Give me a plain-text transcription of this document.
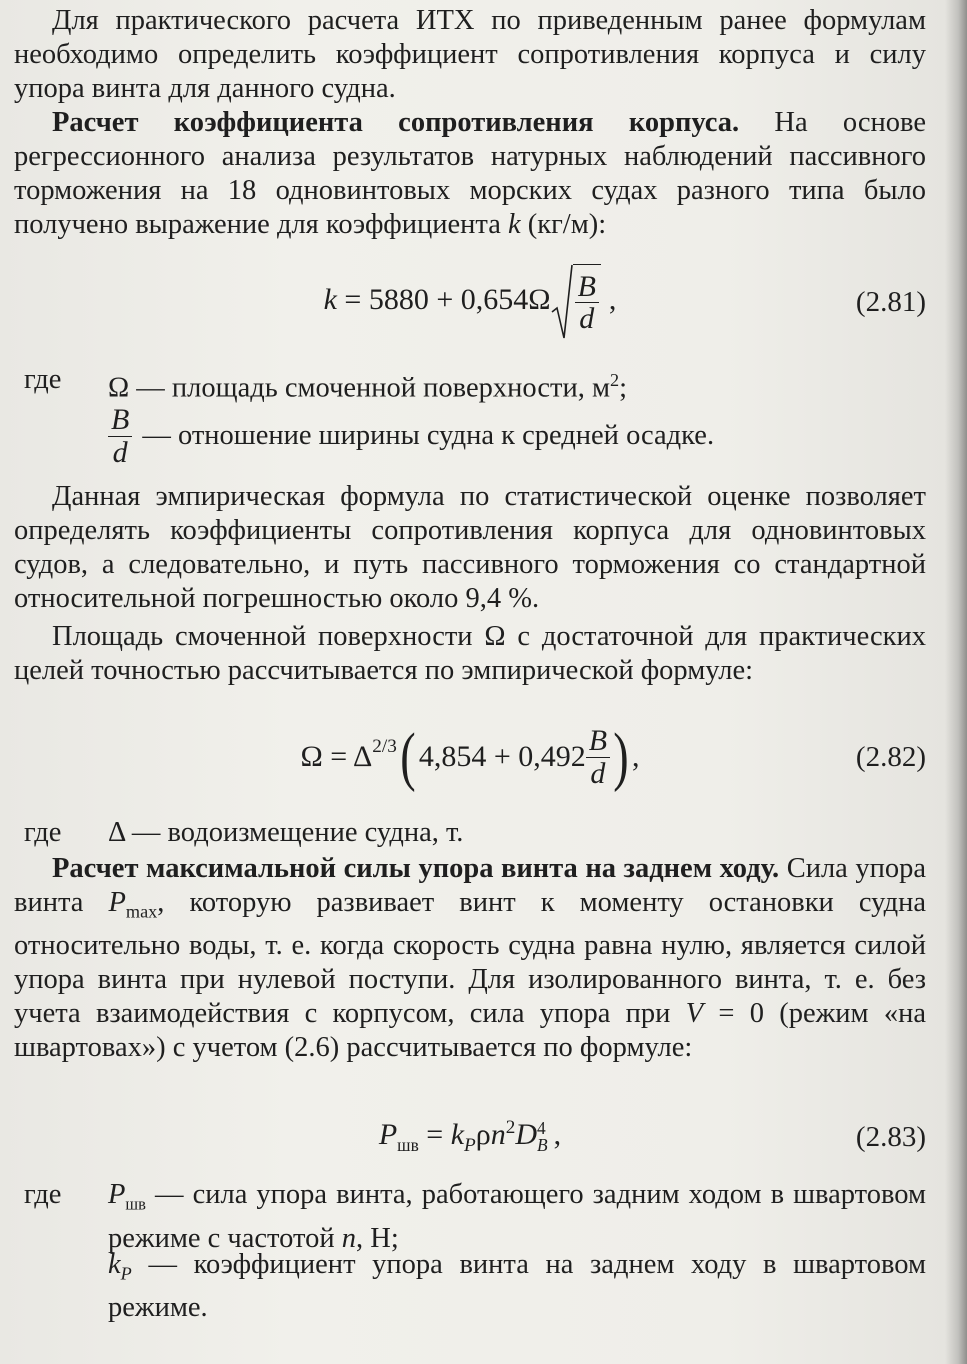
Для практического расчета ИТХ по приведенным ранее формулам необходимо определить коэффициент сопротивления корпуса и силу упора винта для данного судна.

Расчет коэффициента сопротивления корпуса. На основе регрессионного анализа результатов натурных наблюдений пассивного торможения на 18 одновинтовых морских судах разного типа было получено выражение для коэффициента k (кг/м):

$k = 5880 + 0,654\Omega \frac{B}{d}$ ,	(2.81)
где Ω — площадь смоченной поверхности, $м^2$;
$\frac{B}{d}$ — отношение ширины судна к средней осадке.

Данная эмпирическая формула по статистической оценке позволяет определять коэффициенты сопротивления корпуса для одновинтовых судов, а следовательно, и путь пассивного торможения со стандартной относительной погрешностью около 9,4 %.

Площадь смоченной поверхности Ω с достаточной для практических целей точностью рассчитывается по эмпирической формуле:

$\Omega = \Delta^{2/3}$ ( $4,854 + 0,492 \frac{B}{d}$ ) ,	(2.82)
где Δ — водоизмещение судна, т.

Расчет максимальной силы упора винта на заднем ходу. Сила упора винта $P_{max}$, которую развивает винт к моменту остановки судна относительно воды, т. е. когда скорость судна равна нулю, является силой упора винта при нулевой поступи. Для изолированного винта, т. е. без учета взаимодействия с корпусом, сила упора при V = 0 (режим «на швартовах») с учетом (2.6) рассчитывается по формуле:

$P_{шв} = k_P\rho n^2D$ 4
B ,	(2.83)
где $P_{шв}$ — сила упора винта, работающего задним ходом в швартовом режиме с частотой n, Н;
$k_P$ — коэффициент упора винта на заднем ходу в швартовом режиме.
